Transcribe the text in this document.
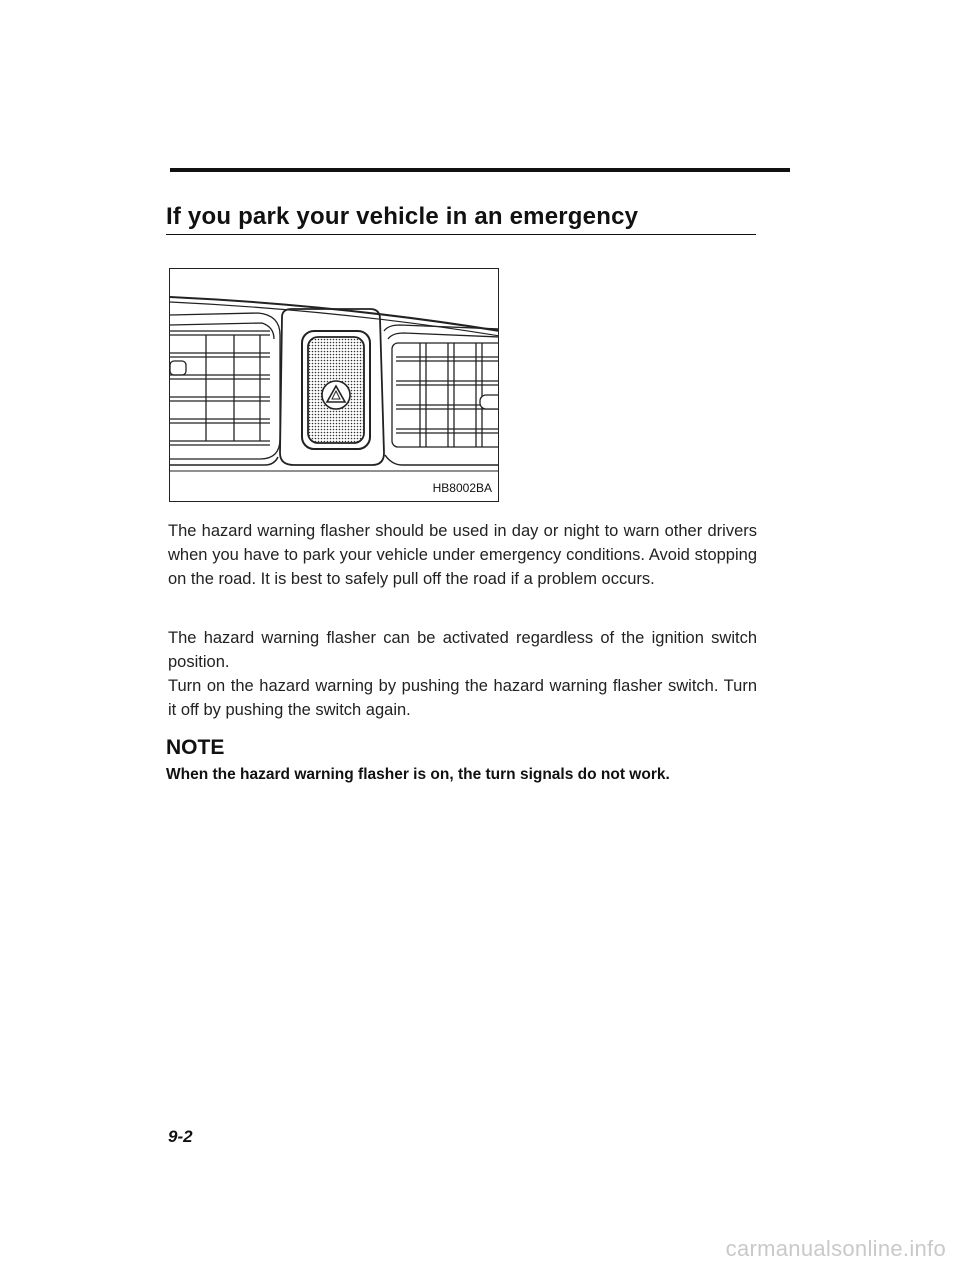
If you park your vehicle in an emergency
HB8002BA

The hazard warning flasher should be used in day or night to warn other drivers when you have to park your vehicle under emergency conditions. Avoid stopping on the road. It is best to safely pull off the road if a problem occurs.

The hazard warning flasher can be activated regardless of the ignition switch position.

Turn on the hazard warning by pushing the hazard warning flasher switch. Turn it off by pushing the switch again.

NOTE

When the hazard warning flasher is on, the turn signals do not work.

9-2

carmanualsonline.info
